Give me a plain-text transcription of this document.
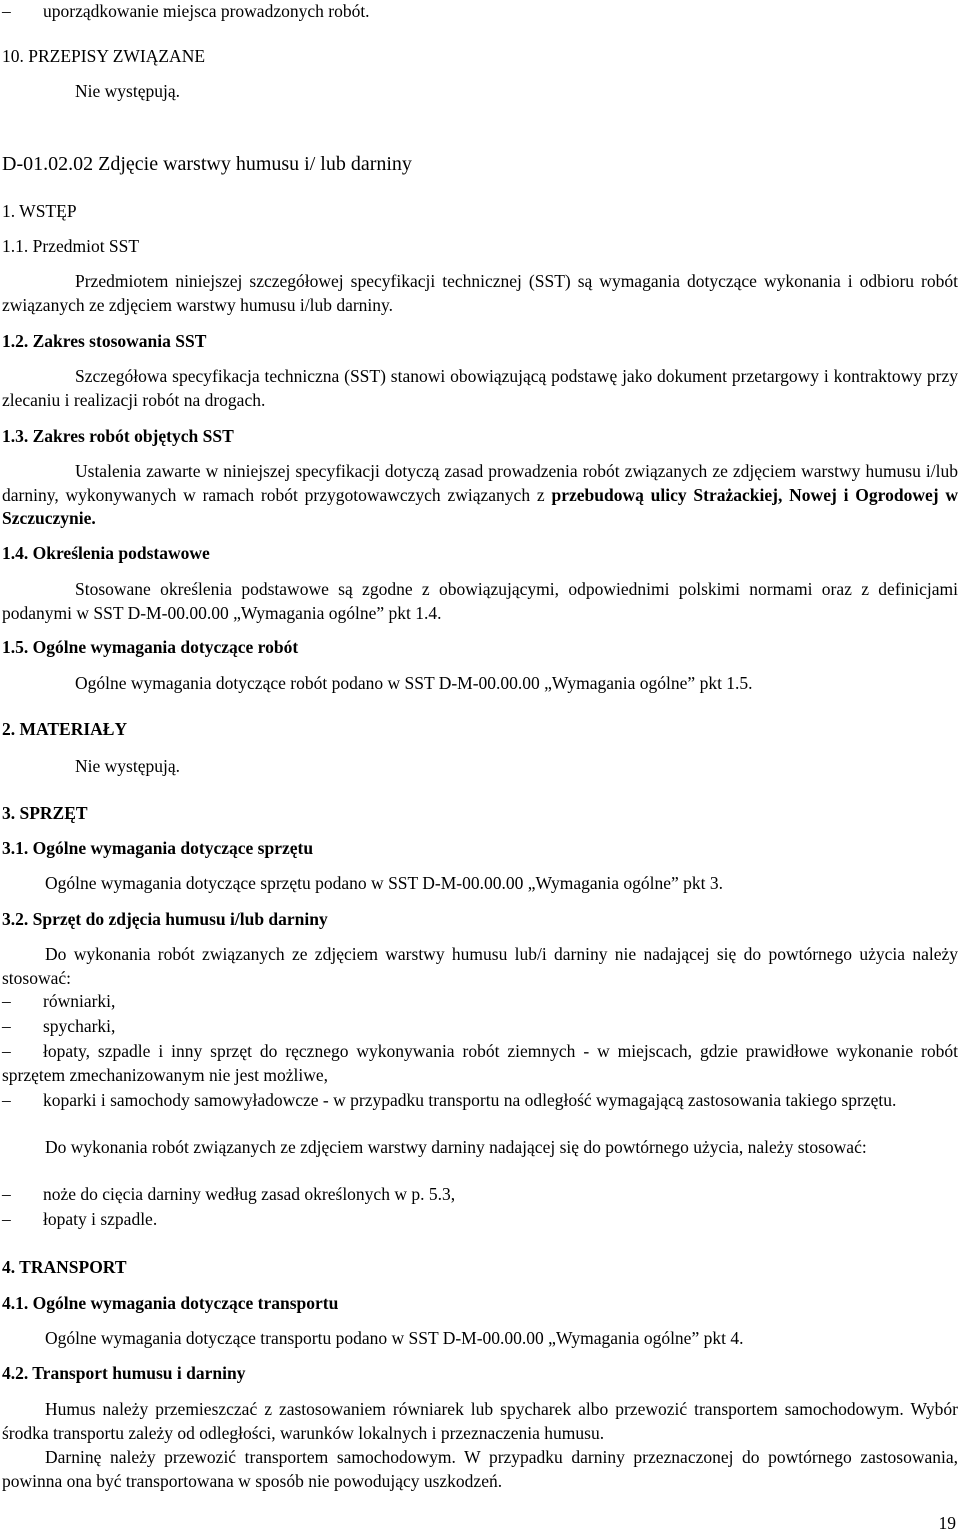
– uporządkowanie miejsca prowadzonych robót.

10. PRZEPISY ZWIĄZANE

Nie występują.

D-01.02.02 Zdjęcie warstwy humusu i/ lub darniny

1. WSTĘP

1.1. Przedmiot SST

Przedmiotem niniejszej szczegółowej specyfikacji technicznej (SST) są wymagania dotyczące wykonania i odbioru robót związanych ze zdjęciem warstwy humusu i/lub darniny.

1.2. Zakres stosowania SST

Szczegółowa specyfikacja techniczna (SST) stanowi obowiązującą podstawę jako dokument przetargowy i kontraktowy przy zlecaniu i realizacji robót na drogach.

1.3. Zakres robót objętych SST

Ustalenia zawarte w niniejszej specyfikacji dotyczą zasad prowadzenia robót związanych ze zdjęciem warstwy humusu i/lub darniny, wykonywanych w ramach robót przygotowawczych związanych z przebudową ulicy Strażackiej, Nowej i Ogrodowej w Szczuczynie.

1.4. Określenia podstawowe

Stosowane określenia podstawowe są zgodne z obowiązującymi, odpowiednimi polskimi normami oraz z definicjami podanymi w SST D-M-00.00.00 „Wymagania ogólne” pkt 1.4.

1.5. Ogólne wymagania dotyczące robót

Ogólne wymagania dotyczące robót podano w SST D-M-00.00.00 „Wymagania ogólne” pkt 1.5.

2. MATERIAŁY

Nie występują.

3. SPRZĘT

3.1. Ogólne wymagania dotyczące sprzętu

Ogólne wymagania dotyczące sprzętu podano w SST D-M-00.00.00 „Wymagania ogólne” pkt 3.

3.2. Sprzęt do zdjęcia humusu i/lub darniny

Do wykonania robót związanych ze zdjęciem warstwy humusu lub/i darniny nie nadającej się do powtórnego użycia należy stosować:

– równiarki,

– spycharki,

– łopaty, szpadle i inny sprzęt do ręcznego wykonywania robót ziemnych - w miejscach, gdzie prawidłowe wykonanie robót sprzętem zmechanizowanym nie jest możliwe,

– koparki i samochody samowyładowcze - w przypadku transportu na odległość wymagającą zastosowania takiego sprzętu.

Do wykonania robót związanych ze zdjęciem warstwy darniny nadającej się do powtórnego użycia, należy stosować:

– noże do cięcia darniny według zasad określonych w p. 5.3,

– łopaty i szpadle.

4. TRANSPORT

4.1. Ogólne wymagania dotyczące transportu

Ogólne wymagania dotyczące transportu podano w SST D-M-00.00.00 „Wymagania ogólne” pkt 4.

4.2. Transport humusu i darniny

Humus należy przemieszczać z zastosowaniem równiarek lub spycharek albo przewozić transportem samochodowym. Wybór środka transportu zależy od odległości, warunków lokalnych i przeznaczenia humusu.

Darninę należy przewozić transportem samochodowym. W przypadku darniny przeznaczonej do powtórnego zastosowania, powinna ona być transportowana w sposób nie powodujący uszkodzeń.

19
